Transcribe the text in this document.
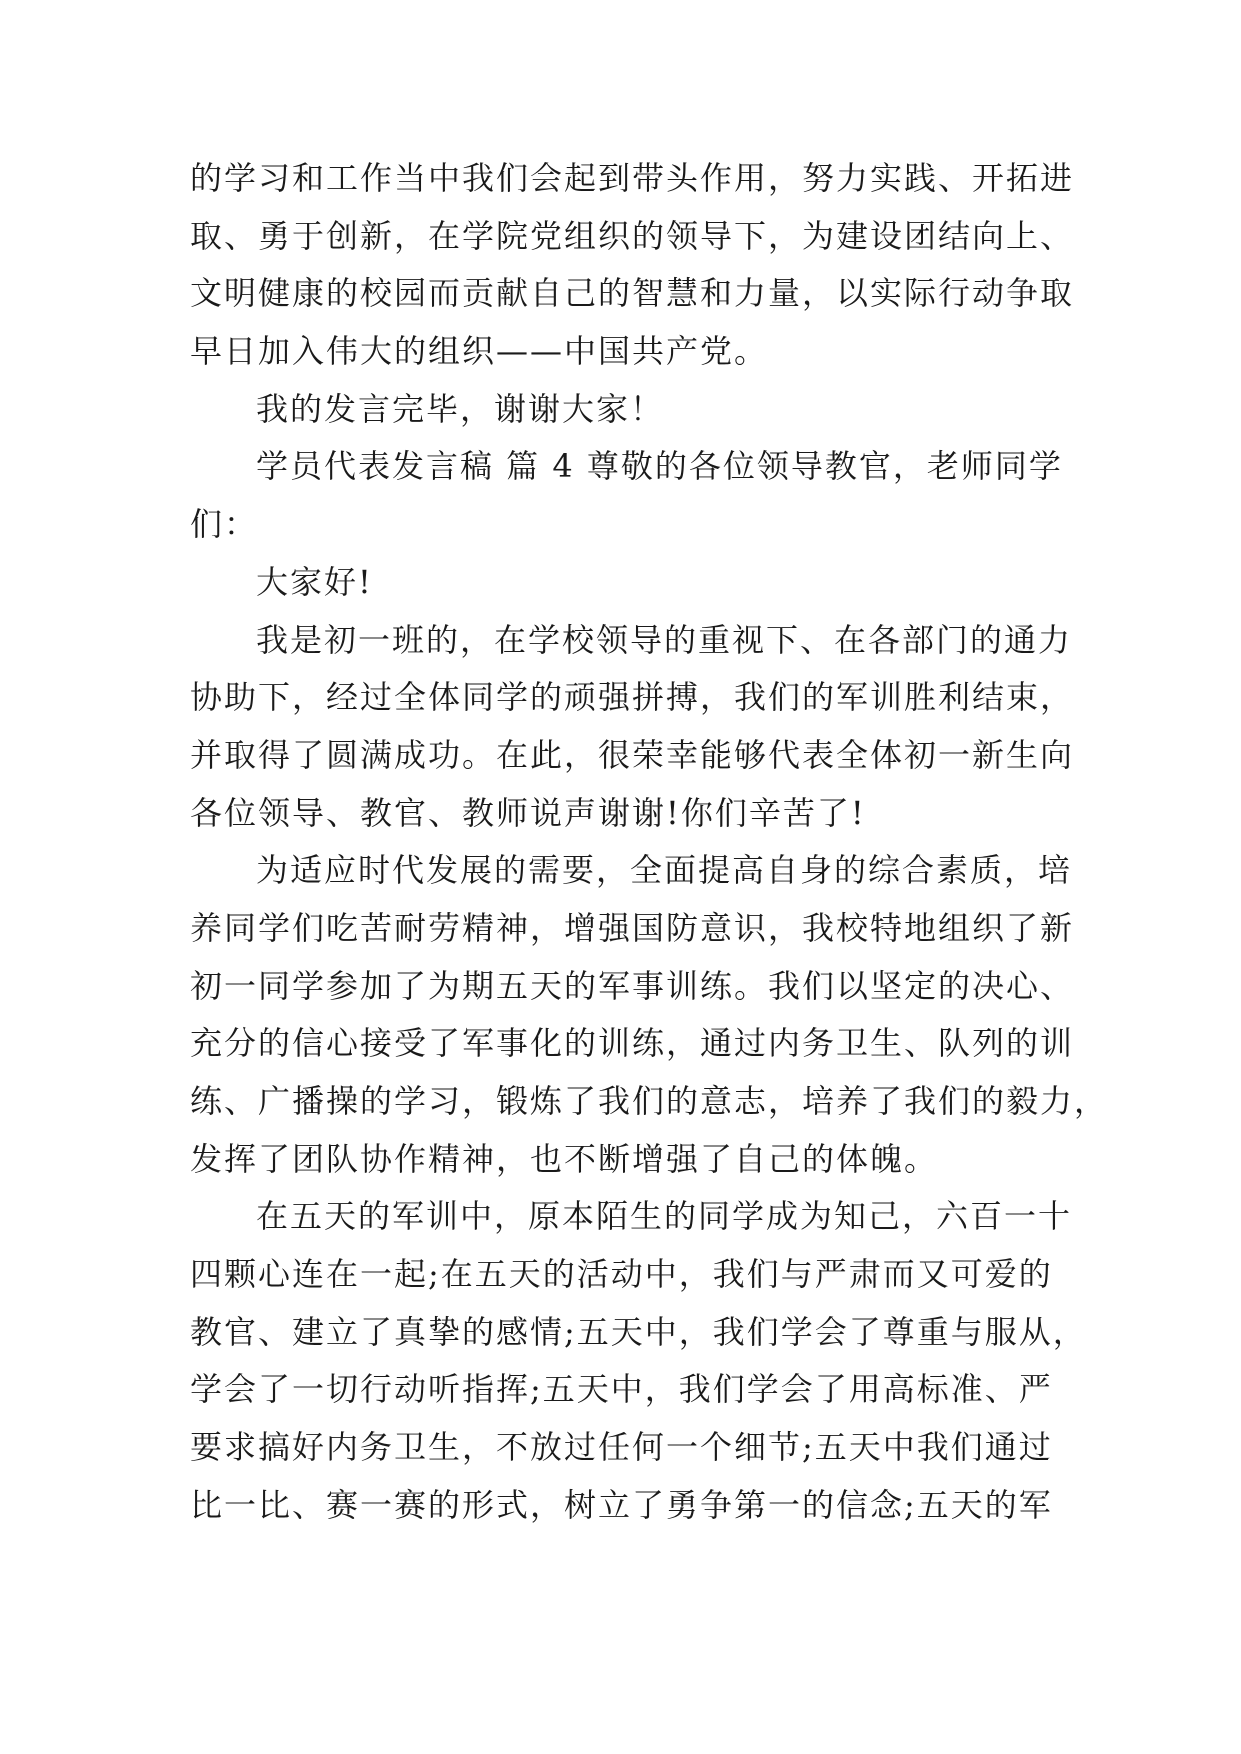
的学习和工作当中我们会起到带头作用，努力实践、开拓进
取、勇于创新，在学院党组织的领导下，为建设团结向上、
文明健康的校园而贡献自己的智慧和力量，以实际行动争取
早日加入伟大的组织——中国共产党。
我的发言完毕，谢谢大家！
学员代表发言稿 篇 4 尊敬的各位领导教官，老师同学
们：
大家好!
我是初一班的，在学校领导的重视下、在各部门的通力
协助下，经过全体同学的顽强拼搏，我们的军训胜利结束，
并取得了圆满成功。在此，很荣幸能够代表全体初一新生向
各位领导、教官、教师说声谢谢!你们辛苦了!
为适应时代发展的需要，全面提高自身的综合素质，培
养同学们吃苦耐劳精神，增强国防意识，我校特地组织了新
初一同学参加了为期五天的军事训练。我们以坚定的决心、
充分的信心接受了军事化的训练，通过内务卫生、队列的训
练、广播操的学习，锻炼了我们的意志，培养了我们的毅力，
发挥了团队协作精神，也不断增强了自己的体魄。
在五天的军训中，原本陌生的同学成为知己，六百一十
四颗心连在一起;在五天的活动中，我们与严肃而又可爱的
教官、建立了真挚的感情;五天中，我们学会了尊重与服从，
学会了一切行动听指挥;五天中，我们学会了用高标准、严
要求搞好内务卫生，不放过任何一个细节;五天中我们通过
比一比、赛一赛的形式，树立了勇争第一的信念;五天的军
